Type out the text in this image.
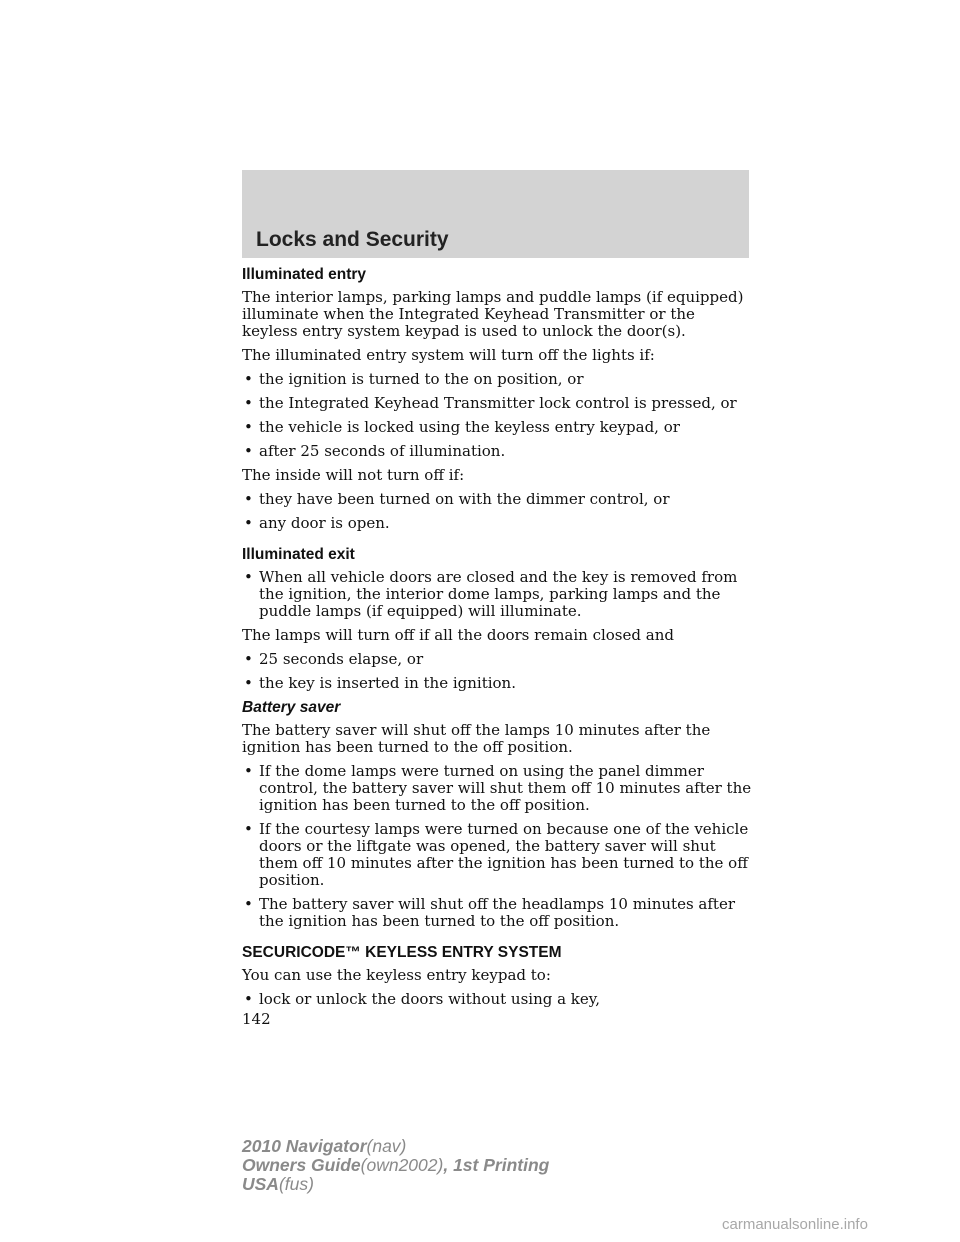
Locks and Security
Illuminated entry

The interior lamps, parking lamps and puddle lamps (if equipped) illuminate when the Integrated Keyhead Transmitter or the keyless entry system keypad is used to unlock the door(s).

The illuminated entry system will turn off the lights if:

• the ignition is turned to the on position, or
• the Integrated Keyhead Transmitter lock control is pressed, or
• the vehicle is locked using the keyless entry keypad, or
• after 25 seconds of illumination.

The inside will not turn off if:

• they have been turned on with the dimmer control, or
• any door is open.
Illuminated exit
• When all vehicle doors are closed and the key is removed from the ignition, the interior dome lamps, parking lamps and the puddle lamps (if equipped) will illuminate.

The lamps will turn off if all the doors remain closed and

• 25 seconds elapse, or
• the key is inserted in the ignition.
Battery saver

The battery saver will shut off the lamps 10 minutes after the ignition has been turned to the off position.

• If the dome lamps were turned on using the panel dimmer control, the battery saver will shut them off 10 minutes after the ignition has been turned to the off position.
• If the courtesy lamps were turned on because one of the vehicle doors or the liftgate was opened, the battery saver will shut them off 10 minutes after the ignition has been turned to the off position.
• The battery saver will shut off the headlamps 10 minutes after the ignition has been turned to the off position.
SECURICODE™ KEYLESS ENTRY SYSTEM

You can use the keyless entry keypad to:

• lock or unlock the doors without using a key,

142

2010 Navigator(nav)
Owners Guide(own2002), 1st Printing
USA(fus)
carmanualsonline.info
